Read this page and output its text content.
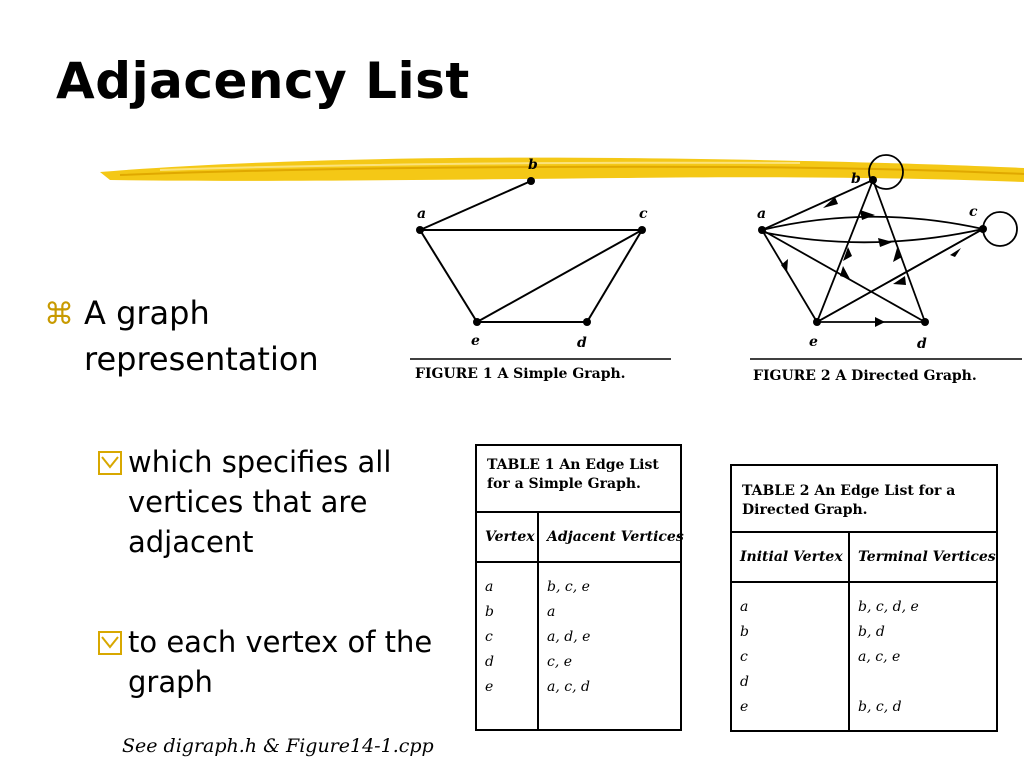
Adjacency List
⌘ A graph representation
which specifies all vertices that are adjacent
to each vertex of the graph
See digraph.h & Figure14-1.cpp
a
b
c
d
e
FIGURE 1 A Simple Graph.
a
b
c
d
e
FIGURE 2 A Directed Graph.
TABLE 1 An Edge List for a Simple Graph.
Vertex Adjacent Vertices
a
b
c
d
e
b, c, e
a
a, d, e
c, e
a, c, d
TABLE 2 An Edge List for a Directed Graph.
Initial Vertex	Terminal Vertices
a
b
c
d
e
b, c, d, e
b, d
a, c, e
b, c, d
